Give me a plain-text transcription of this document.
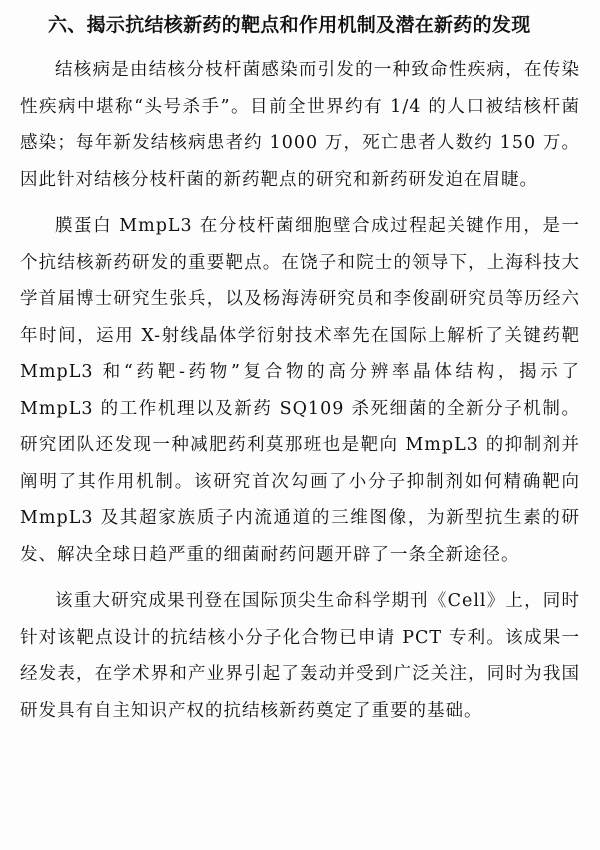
六、揭示抗结核新药的靶点和作用机制及潜在新药的发现

结核病是由结核分枝杆菌感染而引发的一种致命性疾病，在传染性疾病中堪称“头号杀手”。目前全世界约有 1/4 的人口被结核杆菌感染；每年新发结核病患者约 1000 万，死亡患者人数约 150 万。因此针对结核分枝杆菌的新药靶点的研究和新药研发迫在眉睫。

膜蛋白 MmpL3 在分枝杆菌细胞壁合成过程起关键作用，是一个抗结核新药研发的重要靶点。在饶子和院士的领导下，上海科技大学首届博士研究生张兵，以及杨海涛研究员和李俊副研究员等历经六年时间，运用 X-射线晶体学衍射技术率先在国际上解析了关键药靶 MmpL3 和“药靶-药物”复合物的高分辨率晶体结构，揭示了 MmpL3 的工作机理以及新药 SQ109 杀死细菌的全新分子机制。研究团队还发现一种减肥药利莫那班也是靶向 MmpL3 的抑制剂并阐明了其作用机制。该研究首次勾画了小分子抑制剂如何精确靶向 MmpL3 及其超家族质子内流通道的三维图像，为新型抗生素的研发、解决全球日趋严重的细菌耐药问题开辟了一条全新途径。

该重大研究成果刊登在国际顶尖生命科学期刊《Cell》上，同时针对该靶点设计的抗结核小分子化合物已申请 PCT 专利。该成果一经发表，在学术界和产业界引起了轰动并受到广泛关注，同时为我国研发具有自主知识产权的抗结核新药奠定了重要的基础。
